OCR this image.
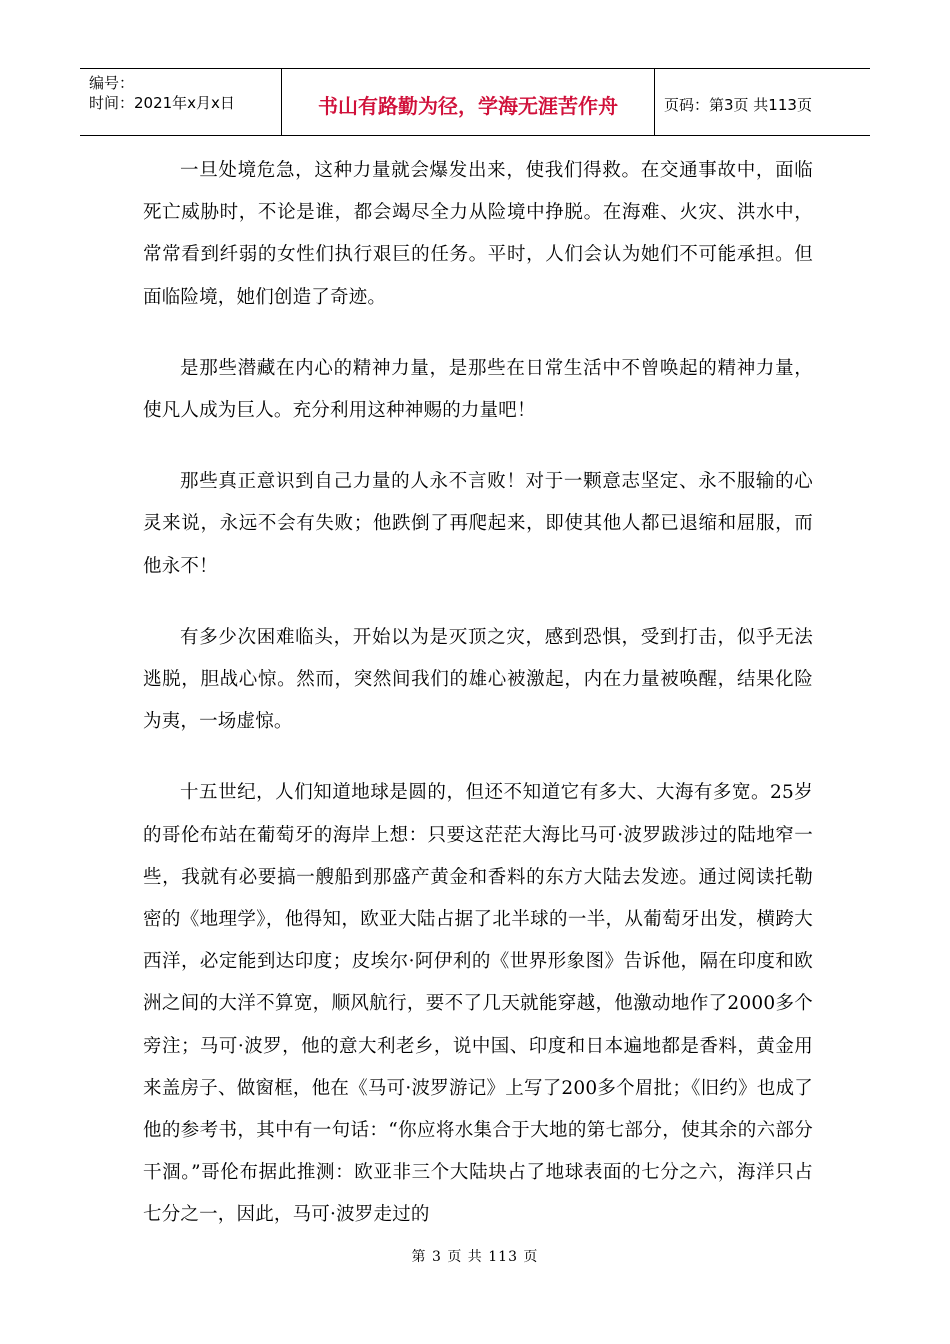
编号：
时间：2021年x月x日	书山有路勤为径，学海无涯苦作舟	页码：第3页 共113页

一旦处境危急，这种力量就会爆发出来，使我们得救。在交通事故中，面临死亡威胁时，不论是谁，都会竭尽全力从险境中挣脱。在海难、火灾、洪水中，常常看到纤弱的女性们执行艰巨的任务。平时，人们会认为她们不可能承担。但面临险境，她们创造了奇迹。

是那些潜藏在内心的精神力量，是那些在日常生活中不曾唤起的精神力量，使凡人成为巨人。充分利用这种神赐的力量吧！

那些真正意识到自己力量的人永不言败！对于一颗意志坚定、永不服输的心灵来说，永远不会有失败；他跌倒了再爬起来，即使其他人都已退缩和屈服，而他永不！

有多少次困难临头，开始以为是灭顶之灾，感到恐惧，受到打击，似乎无法逃脱，胆战心惊。然而，突然间我们的雄心被激起，内在力量被唤醒，结果化险为夷，一场虚惊。

十五世纪，人们知道地球是圆的，但还不知道它有多大、大海有多宽。25岁的哥伦布站在葡萄牙的海岸上想：只要这茫茫大海比马可·波罗跋涉过的陆地窄一些，我就有必要搞一艘船到那盛产黄金和香料的东方大陆去发迹。通过阅读托勒密的《地理学》，他得知，欧亚大陆占据了北半球的一半，从葡萄牙出发，横跨大西洋，必定能到达印度；皮埃尔·阿伊利的《世界形象图》告诉他，隔在印度和欧洲之间的大洋不算宽，顺风航行，要不了几天就能穿越，他激动地作了2000多个旁注；马可·波罗，他的意大利老乡，说中国、印度和日本遍地都是香料，黄金用来盖房子、做窗框，他在《马可·波罗游记》上写了200多个眉批；《旧约》也成了他的参考书，其中有一句话：“你应将水集合于大地的第七部分，使其余的六部分干涸。”哥伦布据此推测：欧亚非三个大陆块占了地球表面的七分之六，海洋只占七分之一，因此，马可·波罗走过的

第 3 页 共 113 页
